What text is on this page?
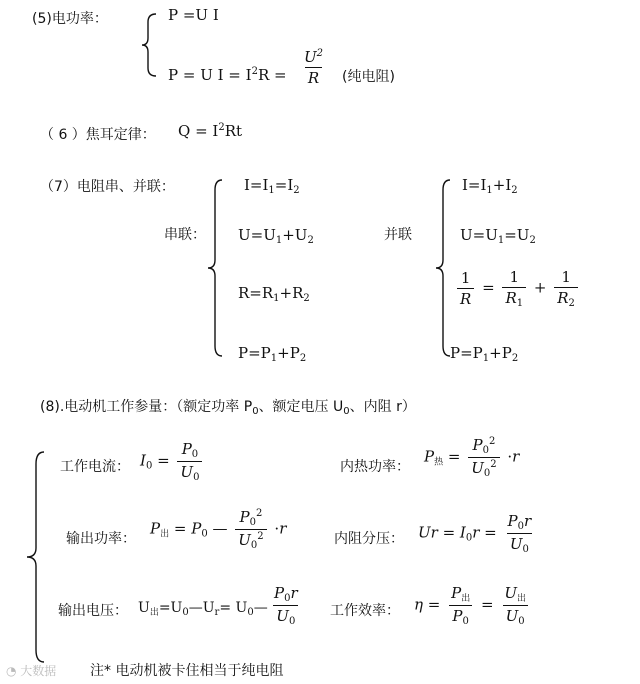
(5)电功率：	P =U I
P = U $I = I^2R = \frac{U^2}{R}$ (纯电阻)
（ 6 ）焦耳定律： $Q = I^2Rt$
（7）电阻串、并联：
串联：
$I=I_1=I_2$
$U=U_1+U_2$
$R=R_1+R_2$
$P=P_1+P_2$
并联
$I=I_1+I_2$
$U=U_1=U_2$
$\frac{1}{R} = \frac{1}{R_1} + \frac{1}{R_2}$
$P=P_1+P_2$
(8).电动机工作参量：（额定功率 $P_0$、额定电压 $U_0$、内阻 r）
工作电流： $I_0 = \frac{P_0}{U_0}$	内热功率：
$P_热 = \frac{P_0^2}{U_0^2} \cdot r$
输出功率：
$P_出 = P_0$ — $\frac{P_0^2}{U_0^2} \cdot r$
内阻分压： $Ur = I_0r = \frac{P_0r}{U_0}$
输出电压： $U_出=U_0—U_r=$ $U_0— \frac{P_0r}{U_0}$ 工作效率： $\eta = \frac{P_出}{P_0} = \frac{U_出}{U_0}$
注* 电动机被卡住相当于纯电阻
◔ 大数据
